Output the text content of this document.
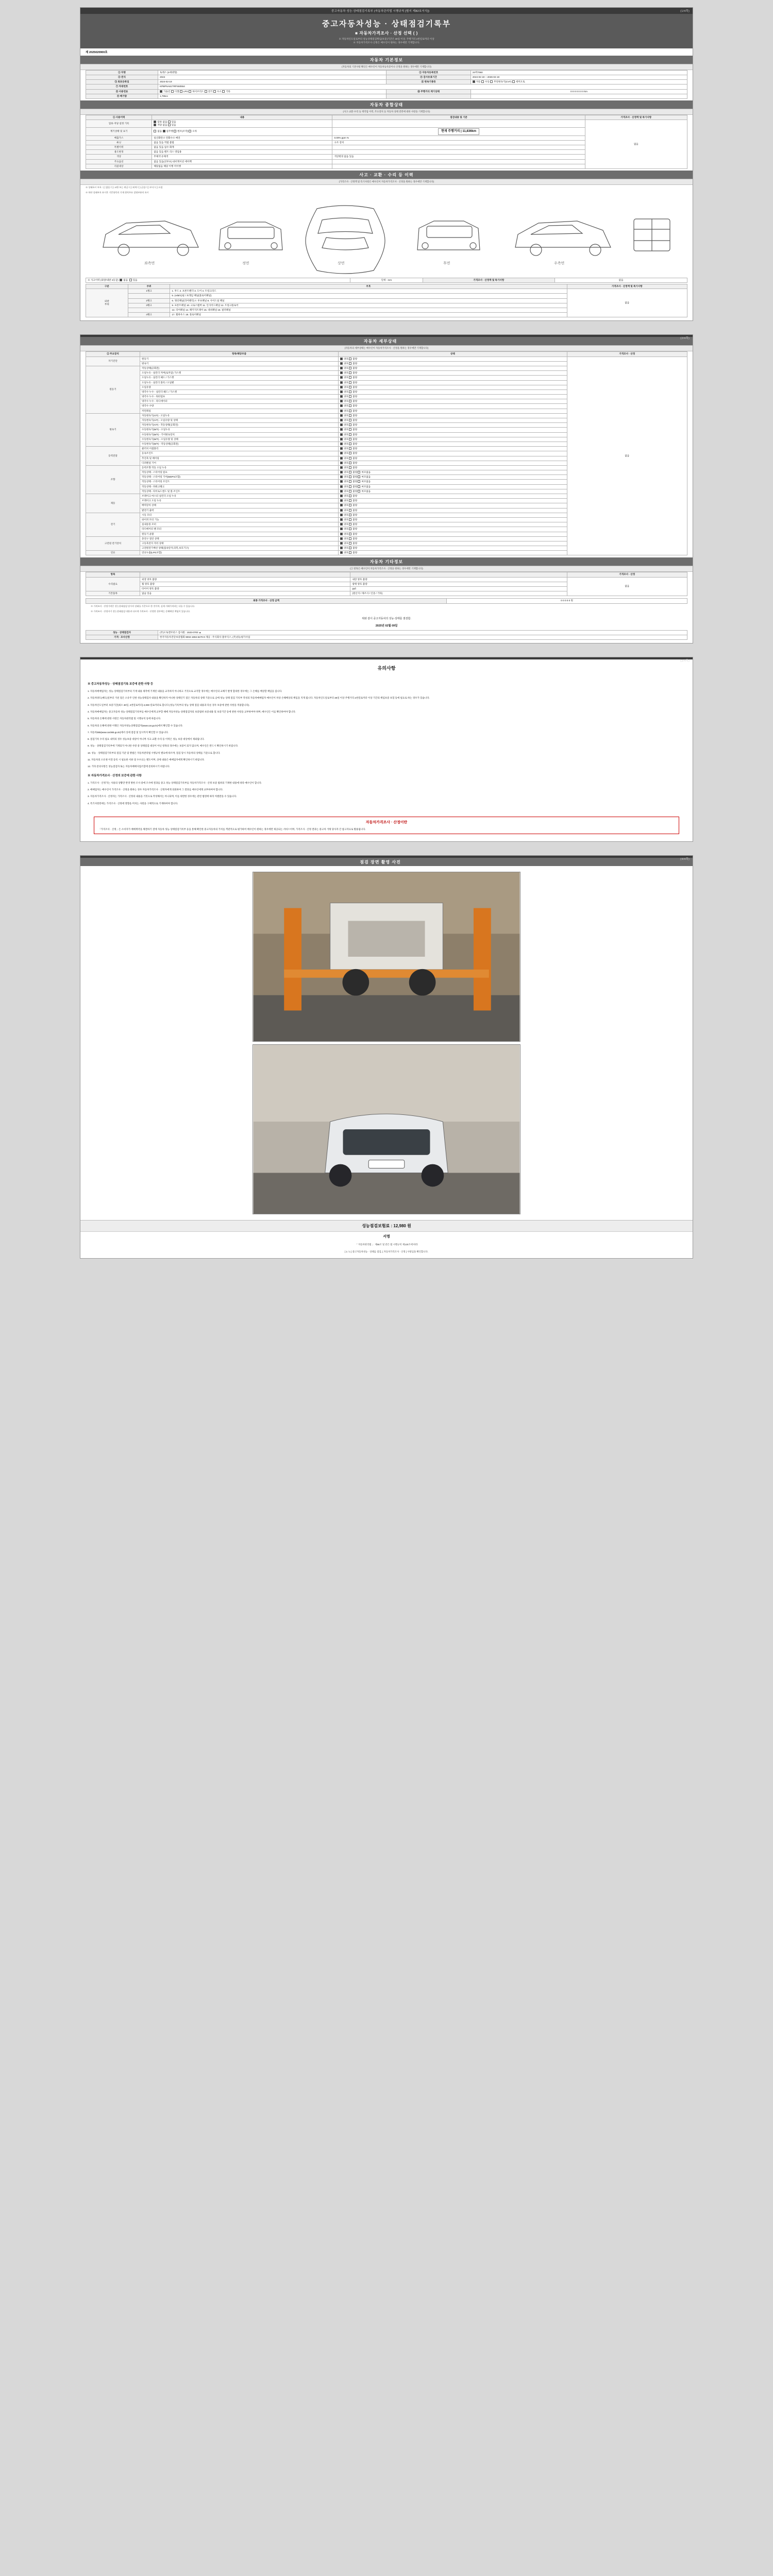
(1/4쪽)
중고자동차 성능·상태점검기록부 (자동차관리법 시행규칙 [별지 제82호서식])
중고자동차성능 · 상태점검기록부
■ 자동차가격조사 · 산정 선택 ( )
※ 자동차인도일로부터 성능상태점검책임(보증)기간은 30일 이상, 주행거리 2천킬로미터 이상
※ 자동차가격조사·산정은 매수인이 원하는 경우에만 기재합니다.
제 2025020900호
자동차 기본정보
(자동차의 기본사항 확인은 매수인이 자동차등록증이나 산정을 원하는 경우에만 기재합니다)
① 차명	토레스 (4세대형)	② 자동차등록번호	24머7060
③ 연식	2024	④ 검사유효기간	2024-02-19 ~ 2026-02-19
⑤ 최초등록일	2024-02-19	⑥ 변속기종류	자동 수동 무단변속기(CVT) 세미오토
⑦ 차대번호	KPBPNA61TRPS60554		
⑧ 사용연료	가솔린 디젤 LPG 하이브리드 전기 수소 기타	⑩ 주행거리 계기상태	0 0 0 0 0 0 0 km
⑨ 배기량	1,795cc		
자동차 종합상태
(사고·교환·수리 등 재작업 이력, 주요장치 등 자동차 상태 전반에 대한 사항을 기재합니다)
① 사용이력	내용	점검내용 및 기준	가격조사 · 산정액 및 특기사항
압류·저당 설정 기록	압류 없음 있음
저당 없음 있음		없음
계기상태 및 표기	없음 실주행 변조(조작) 오차	현재 주행거리 | 11,836km	
배출가스	일산화탄소 탄화수소 매연	0.00% ppm %	
튜닝	없음 있음 적법 불법	구조 장치	
특별이력	없음 있음 침수 화재		
용도변경	없음 있음 렌트 리스 영업용		
색상	무채색 유채색	색상변경 없음 있음	
주요옵션	없음 있음(선루프) 내비게이션 에어백		
리콜대상	해당없음 해당 이행 미이행		
사고 · 교환 · 수리 등 이력
(가격조사 · 산정액 및 특기사항은 매수인이 자동차가격조사 · 산정을 원하는 경우에만 기재합니다)
※ 상태표시 부호 : ( ) 없음 / ( ) 교환 또는 판금 / ( ) 퇴색 / ( ) 긁힘 / ( ) 부식 / ( ) 요철
※ 하단 상태부호 표시후 기준항목의 기재 위치주요 설명부분의 표시
좌측면	정면	상면	후면	우측면
※ 사고이력 (외판/내판 4등급) 없음 있음	단위 : mm	가격조사 · 산정액 및 특기사항	없음
구분	부위	부호	가격조사 · 산정액 및 특기사항
외판
부위	1랭크	1. 후드 2. 프론트팬더 3. 도어 4. 트렁크리드	없음
		5. (A/B/C)필 / 프레임 패널(플로어패널)	
	2랭크	6. 쿼터패널(리어팬더) 7. 루프패널 8. 사이드실 패널	
	3랭크	9. 프론트패널 10. 크로스멤버 11. 인사이드패널 12. 트렁크플로어	
		13. 리어패널 14. 패키지트레이 15. 대쉬패널 16. 필러패널	
	4랭크	17. 휠하우스 18. 플로어패널	
(2/4쪽)
자동차 세부상태
(자동차의 세부상태는 매수인이 자동차가격조사 · 산정을 원하는 경우에만 기재합니다)
② 주요장치	항목/해당부품	상태	가격조사 · 산정
자기진단	원동기	양호 불량	없음
	변속기	양호 불량	
원동기	작동상태(공회전)	양호 불량	
	오일누유 - 실린더 커버(로커암) 가스켓	양호 불량	
	오일누유 - 실린더 헤드 / 가스켓	양호 불량	
	오일누유 - 실린더 블록 / 오일팬	양호 불량	
	오일유량	양호 불량	
	냉각수 누수 - 실린더 헤드 / 가스켓	양호 불량	
	냉각수 누수 - 워터펌프	양호 불량	
	냉각수 누수 - 라디에이터	양호 불량	
	냉각수 수량	양호 불량	
	커먼레일	양호 불량	
변속기	자동변속기(A/T) - 오일누유	양호 불량	
	자동변속기(A/T) - 오일유량 및 상태	양호 불량	
	자동변속기(A/T) - 작동상태(공회전)	양호 불량	
	수동변속기(M/T) - 오일누유	양호 불량	
	수동변속기(M/T) - 기어변속장치	양호 불량	
	수동변속기(M/T) - 오일유량 및 상태	양호 불량	
	수동변속기(M/T) - 작동상태(공회전)	양호 불량	
동력전달	클러치 어셈블리	양호 불량	
	등속조인트	양호 불량	
	추진축 및 베어링	양호 불량	
	디퍼렌셜 기어	양호 불량	
조향	동력조향 작동 오일 누유	양호 불량	
	작동상태 - 스티어링 펌프	양호 불량 마모없음	
	작동상태 - 스티어링 기어(MDPS포함)	양호 불량 마모없음	
	작동상태 - 스티어링 조인트	양호 불량 마모없음	
	작동상태 - 파워크랭크	양호 불량 마모없음	
	작동상태 - 타이로드엔드 및 볼 조인트	양호 불량 마모없음	
제동	브레이크 마스터 실린더 오일 누유	양호 불량	
	브레이크 오일 누유	양호 불량	
	배력장치 상태	양호 불량	
	발전기 출력	양호 불량	
전기	시동 모터	양호 불량	
	와이퍼 모터 기능	양호 불량	
	실내송풍 모터	양호 불량	
	라디에이터 팬 모터	양호 불량	
	원동기 윤활	양호 불량	
고전원 전기장치	충전구 절연 상태	양호 불량	
	구동축전지 격리 상태	양호 불량	
	고전원전기배선 상태(접속단자,피복,보호기구)	양호 불량	
연료	연료누출(LPG포함)	양호 불량	
자동차 기타정보
(② 항목은 매수인이 자동차가격조사 · 산정을 원하는 경우에만 기재합니다)
항목			가격조사 · 산정
수리필요	외장 양호 불량	내장 양호 불량	없음
	휠 양호 불량	광택 양호 불량	
	타이어 양호 불량	руб	
기본품목	없음 있음	(원산지 / 제조사 / 인증 / 기타)	
최종 가격조사 · 산정 금액	0 0 0 0 0 원
※ 가격조사 · 산정가격은 성능상태점검 당시의 상태를 기준으로 한 것이며, 실제 거래가격과는 다를 수 있습니다.
※ 가격조사 · 산정자가 성능상태점검 내용과 다르게 가격조사 · 산정한 경우에는 손해배상 책임이 있습니다.
위와 같이 중고자동차의 성능·상태를 점검함.
2025년 02월 09일
성능 · 상태점검자	(주)오토앤모터스 검사원 : 1533-0700 ▲
가격 · 조사산정	한국자동차진단보증협회 9002-1994-6270-0 제공 : 주식회사 블루익스, (주)성능평가사업
(3/4쪽)
유의사항
※ 중고자동차성능 · 상태점검기록 보증에 관한 사항 등

1. 자동차매매업자는 성능·상태점검기록부의 기재 내용 제작에 기재된 내용을 교지하지 아니하고 거짓으로 교지할 경우에는 매수인의 교체기 발생 합의한 경우에는 그 손해를 배상할 책임을 집니다.

2. 자동차양도(매도)일부터 거친 점은 소유주 인한 성능상태검사 내용을 확인하지 아니한 상태인기 점은 자동차의 상태 기준으로 남에 성능·상태 점검 기록부 작성의 자동차매매업자 매수인이 차상 손해배상의 책임을 지게 됩니다. 자동차인도일로부터 30일 이상 주행거리 2천킬로미터 이상 기간의 책임보증 보험 등에 필요로 하는 경우가 있습니다.

3. 자동차인도일부터 보증기간(최소 30일, 2천킬로미터) 2,000 킬로미터로 합니다 (성능기록부의 성능·상태 점검 내용과 다른 경우 보증에 관한 사항을 적용합니다).

4. 자동차매매업자는 중고자동차 성능·상태점검기록부를 매수인에게 교부할 때에 자동차성능·상태점검자의 보증범위·보증내용 및 보증기간 등에 관한 사항을 교부하여야 하며, 매수인은 이를 확인하여야 합니다.

5. 자동차의 손해에 관한 사항은 자동차관리법 및 시행규칙 등에 따릅니다.

6. 자동차의 손해에 관한 이행은 자동차성능상태점검자(www.car.go.kr)에서 확인할 수 있습니다.

7. 자동차365(www.car365.go.kr)에서 상세 점검 및 일시까지 확인할 수 있습니다.

8. 점검기록 수리 필요 내역의 경우 성능보증 대상이 아니며 사고·교환·수리 등 이력은 성능 보증 대상에서 제외됩니다.

9. 성능 · 상태점검기록부에 기재되지 아니한 사항 중 상태점검 대상이 아닌 항목의 경우에는 보증이 되지 않으며, 매수인은 반드시 확인하시기 바랍니다.

10. 성능 · 상태점검기록부의 점검 기준 및 방법은 자동차관리법 시행규칙 별표에 따르며, 점검 당시 자동차의 상태를 기준으로 합니다.

11. 자동차의 소유권 이전 등록 시 필요한 서류 및 수수료는 별도이며, 상세 내용은 매매업자에게 확인하시기 바랍니다.

12. 기타 문의사항은 성능점검자 또는 자동차매매사업조합에 문의하시기 바랍니다.

※ 자동차가격조사 · 산정의 보증에 관한 사항

1. 가격조사 · 산정가는 사용의 상황만 반영 방한 조사 중에 조사에 결과를 중고 성능·상태점검기록부를 자동차가격조사 · 산정 보증 범위의 기재한 내용에 따라 매수인이 합니다.

2. 매매업자는 매수인이 가격조사 · 산정을 원하는 경우 자동차가격조사 · 산정자에게 의뢰하여 그 결과를 매수인에게 교부하여야 합니다.

3. 자동차가격조사 · 산정자는 가격조사 · 산정의 내용을 거짓으로 작성해서는 아니되며, 이를 위반한 경우에는 관련 법령에 따라 처벌받을 수 있습니다.

4. 특기사항란에는 가격조사 · 산정에 영향을 미치는 사항을 구체적으로 기재하여야 합니다.

자동차가격조사 · 산정이란
「가격조사 · 산정」은 소비자가 매매계약을 체결하기 전에 자동차 성능·상태점검기록부 등을 통해 확인한 중고자동차의 가치를 객관적으로 평가하여 매수인이 원하는 경우에만 제공되는 서비스이며, 가격조사 · 산정 결과는 중고차 거래 당사자 간 참고자료로 활용됩니다.
(4/4쪽)
점검 장면 촬영 사진
성능점검보험료 : 12,980 원
서명
「 자동차관리법 」 제58조 및 같은 법 시행규칙 제120조에 따라
[ 1 / 1 ] 중고자동차성능 · 상태를 점검, [ 자동차가격조사 · 산정 ] 사항임을 확인합니다.
